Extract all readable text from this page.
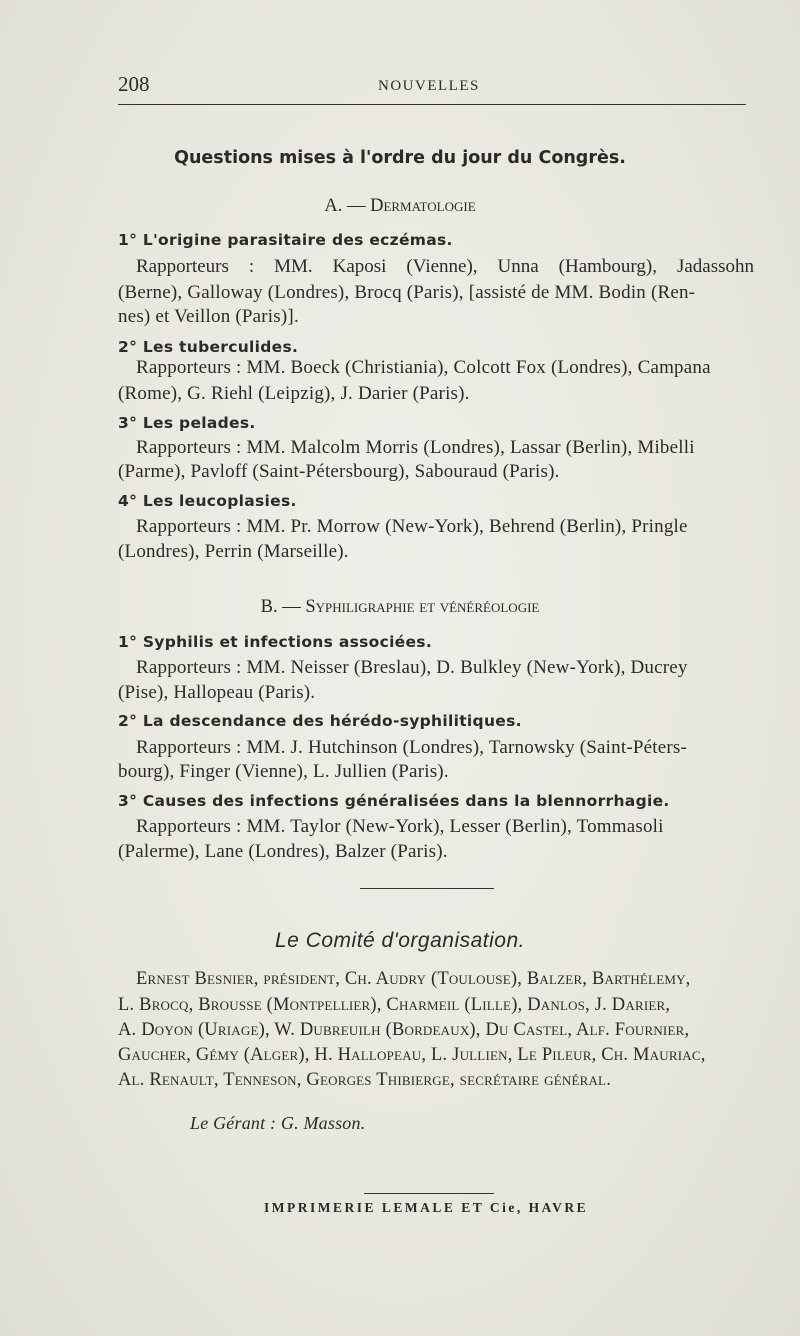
208	NOUVELLES
Questions mises à l'ordre du jour du Congrès.
A. — Dermatologie
1° L'origine parasitaire des eczémas.
Rapporteurs : MM. Kaposi (Vienne), Unna (Hambourg), Jadassohn
(Berne), Galloway (Londres), Brocq (Paris), [assisté de MM. Bodin (Ren-
nes) et Veillon (Paris)].
2° Les tuberculides.
Rapporteurs : MM. Boeck (Christiania), Colcott Fox (Londres), Campana
(Rome), G. Riehl (Leipzig), J. Darier (Paris).
3° Les pelades.
Rapporteurs : MM. Malcolm Morris (Londres), Lassar (Berlin), Mibelli
(Parme), Pavloff (Saint-Pétersbourg), Sabouraud (Paris).
4° Les leucoplasies.
Rapporteurs : MM. Pr. Morrow (New-York), Behrend (Berlin), Pringle
(Londres), Perrin (Marseille).
B. — Syphiligraphie et vénéréologie
1° Syphilis et infections associées.
Rapporteurs : MM. Neisser (Breslau), D. Bulkley (New-York), Ducrey
(Pise), Hallopeau (Paris).
2° La descendance des hérédo-syphilitiques.
Rapporteurs : MM. J. Hutchinson (Londres), Tarnowsky (Saint-Péters-
bourg), Finger (Vienne), L. Jullien (Paris).
3° Causes des infections généralisées dans la blennorrhagie.
Rapporteurs : MM. Taylor (New-York), Lesser (Berlin), Tommasoli
(Palerme), Lane (Londres), Balzer (Paris).
Le Comité d'organisation.
Ernest Besnier, président, Ch. Audry (Toulouse), Balzer, Barthélemy,
L. Brocq, Brousse (Montpellier), Charmeil (Lille), Danlos, J. Darier,
A. Doyon (Uriage), W. Dubreuilh (Bordeaux), Du Castel, Alf. Fournier,
Gaucher, Gémy (Alger), H. Hallopeau, L. Jullien, Le Pileur, Ch. Mauriac,
Al. Renault, Tenneson, Georges Thibierge, secrétaire général.
Le Gérant : G. Masson.
IMPRIMERIE LEMALE ET Cie, HAVRE
